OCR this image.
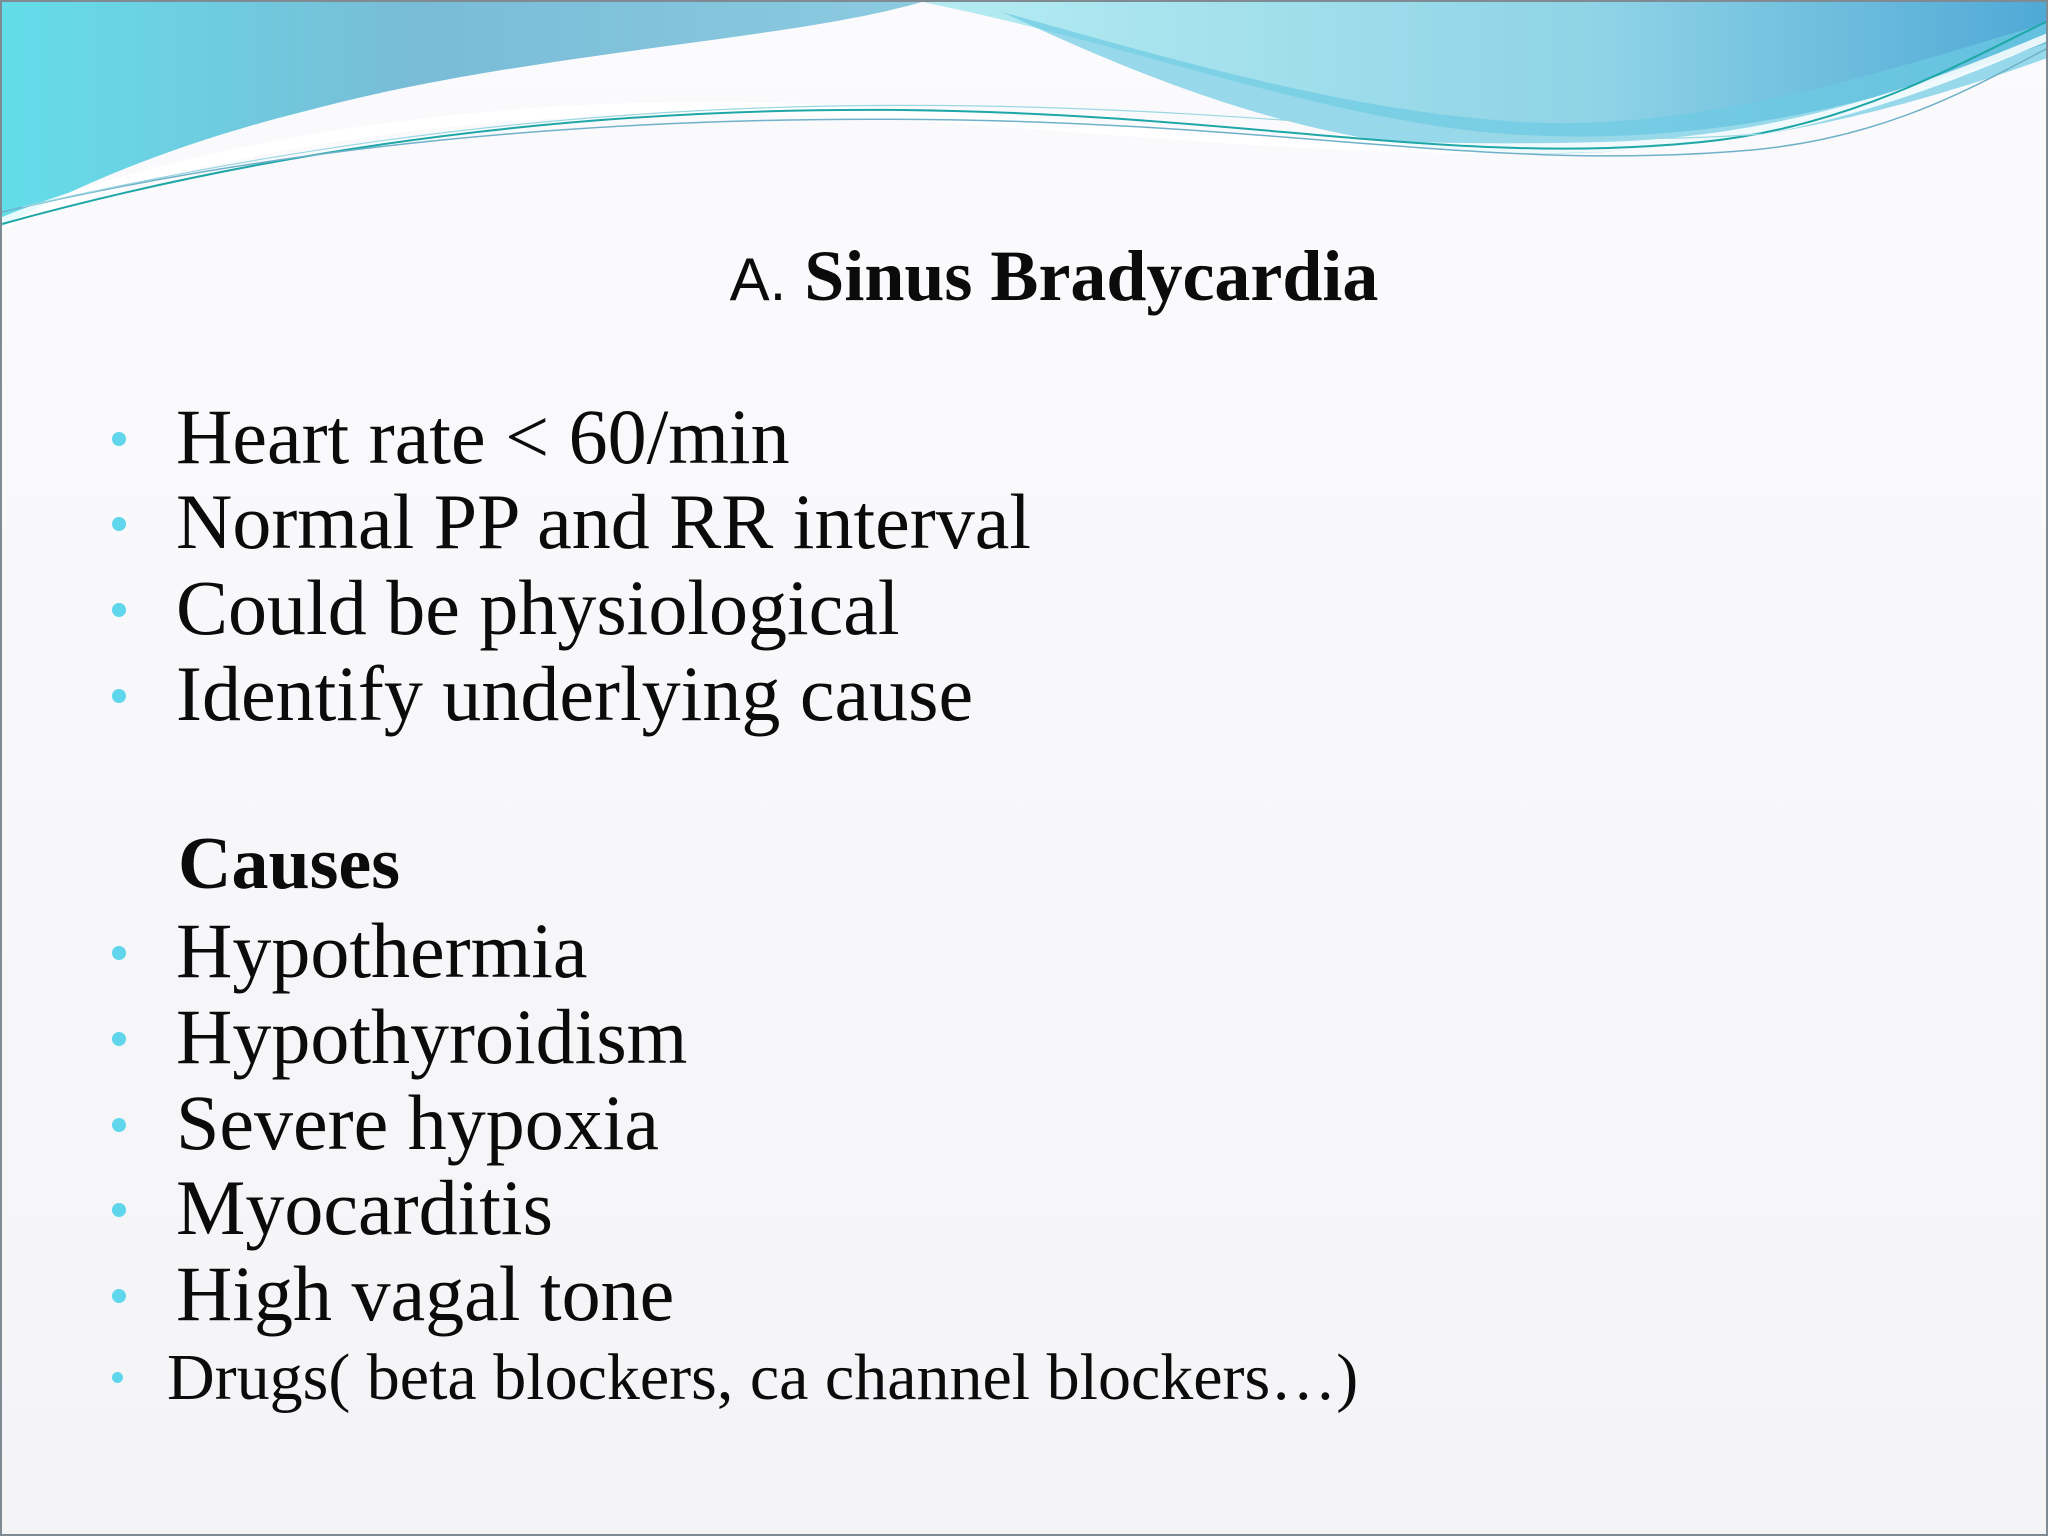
A. Sinus Bradycardia
Heart rate < 60/min
Normal PP and RR interval
Could be physiological
Identify underlying cause
Causes
Hypothermia
Hypothyroidism
Severe hypoxia
Myocarditis
High vagal tone
Drugs( beta blockers, ca channel blockers…)
